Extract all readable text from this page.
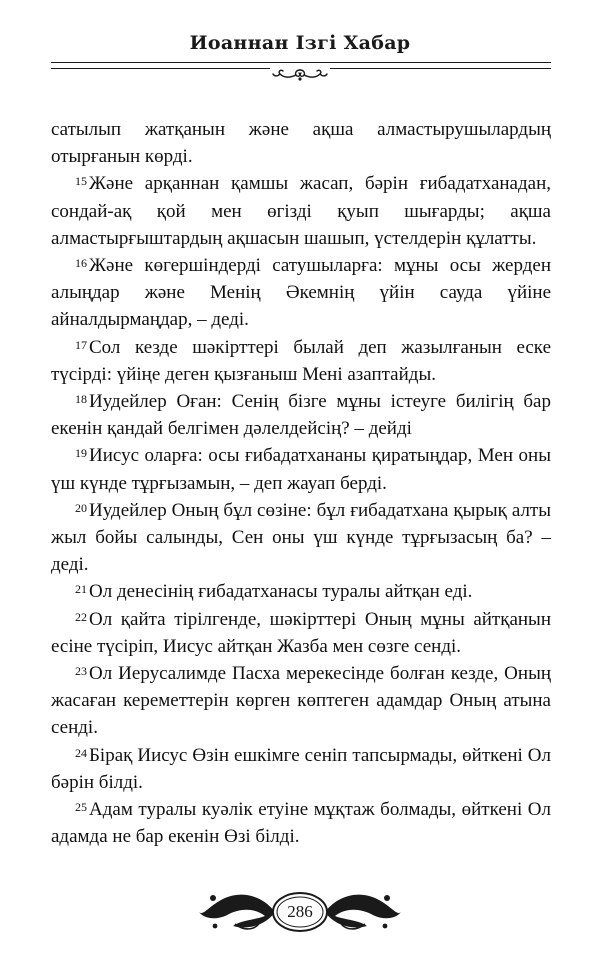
Иоаннан Ізгі Хабар

сатылып жатқанын және ақша алмастырушылардың отырғанын көрді.

$^{15}$ Және арқаннан қамшы жасап, бәрін ғибадатханадан, сондай-ақ қой мен өгізді қуып шығарды; ақша алмастырғыштардың ақшасын шашып, үстелдерін құлатты.

$^{16}$ Және көгершіндерді сатушыларға: мұны осы жерден алыңдар және Менің Әкемнің үйін сауда үйіне айналдырмаңдар, – деді.

$^{17}$ Сол кезде шәкірттері былай деп жазылғанын еске түсірді: үйіңе деген қызғаныш Мені азаптайды.

$^{18}$ Иудейлер Оған: Сенің бізге мұны істеуге билігің бар екенін қандай белгімен дәлелдейсің? – дейді

$^{19}$ Иисус оларға: осы ғибадатхананы қиратыңдар, Мен оны үш күнде тұрғызамын, – деп жауап берді.

$^{20}$ Иудейлер Оның бұл сөзіне: бұл ғибадатхана қырық алты жыл бойы салынды, Сен оны үш күнде тұрғызасың ба? – деді.

$^{21}$ Ол денесінің ғибадатханасы туралы айтқан еді.

$^{22}$ Ол қайта тірілгенде, шәкірттері Оның мұны айтқанын есіне түсіріп, Иисус айтқан Жазба мен сөзге сенді.

$^{23}$ Ол Иерусалимде Пасха мерекесінде болған кезде, Оның жасаған кереметтерін көрген көптеген адамдар Оның атына сенді.

$^{24}$ Бірақ Иисус Өзін ешкімге сеніп тапсырмады, өйткені Ол бәрін білді.

$^{25}$ Адам туралы куәлік етуіне мұқтаж болмады, өйткені Ол адамда не бар екенін Өзі білді.

286
